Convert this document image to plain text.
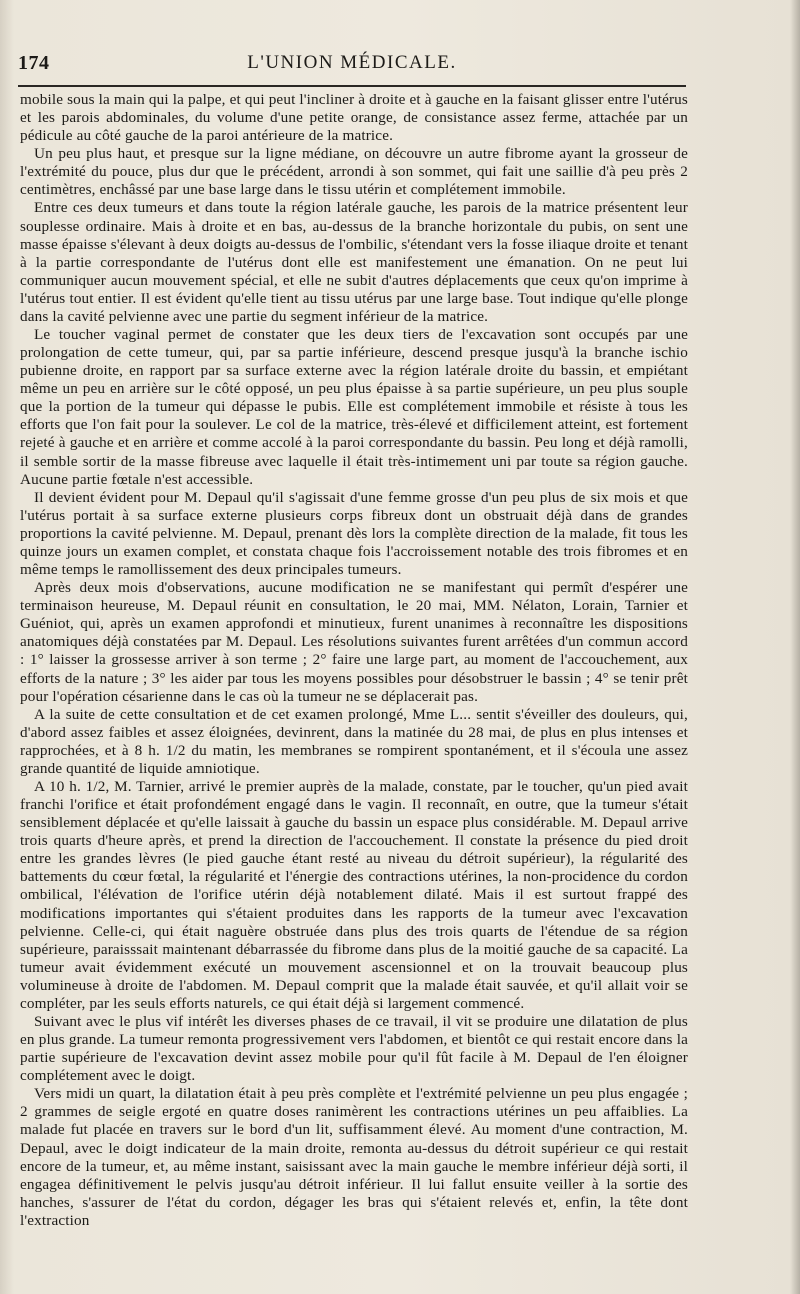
174	L'UNION MÉDICALE.

mobile sous la main qui la palpe, et qui peut l'incliner à droite et à gauche en la faisant glisser entre l'utérus et les parois abdominales, du volume d'une petite orange, de consistance assez ferme, attachée par un pédicule au côté gauche de la paroi antérieure de la matrice.

Un peu plus haut, et presque sur la ligne médiane, on découvre un autre fibrome ayant la grosseur de l'extrémité du pouce, plus dur que le précédent, arrondi à son sommet, qui fait une saillie d'à peu près 2 centimètres, enchâssé par une base large dans le tissu utérin et complétement immobile.

Entre ces deux tumeurs et dans toute la région latérale gauche, les parois de la matrice présentent leur souplesse ordinaire. Mais à droite et en bas, au-dessus de la branche horizontale du pubis, on sent une masse épaisse s'élevant à deux doigts au-dessus de l'ombilic, s'étendant vers la fosse iliaque droite et tenant à la partie correspondante de l'utérus dont elle est manifestement une émanation. On ne peut lui communiquer aucun mouvement spécial, et elle ne subit d'autres déplacements que ceux qu'on imprime à l'utérus tout entier. Il est évident qu'elle tient au tissu utérus par une large base. Tout indique qu'elle plonge dans la cavité pelvienne avec une partie du segment inférieur de la matrice.

Le toucher vaginal permet de constater que les deux tiers de l'excavation sont occupés par une prolongation de cette tumeur, qui, par sa partie inférieure, descend presque jusqu'à la branche ischio pubienne droite, en rapport par sa surface externe avec la région latérale droite du bassin, et empiétant même un peu en arrière sur le côté opposé, un peu plus épaisse à sa partie supérieure, un peu plus souple que la portion de la tumeur qui dépasse le pubis. Elle est complétement immobile et résiste à tous les efforts que l'on fait pour la soulever. Le col de la matrice, très-élevé et difficilement atteint, est fortement rejeté à gauche et en arrière et comme accolé à la paroi correspondante du bassin. Peu long et déjà ramolli, il semble sortir de la masse fibreuse avec laquelle il était très-intimement uni par toute sa région gauche. Aucune partie fœtale n'est accessible.

Il devient évident pour M. Depaul qu'il s'agissait d'une femme grosse d'un peu plus de six mois et que l'utérus portait à sa surface externe plusieurs corps fibreux dont un obstruait déjà dans de grandes proportions la cavité pelvienne. M. Depaul, prenant dès lors la complète direction de la malade, fit tous les quinze jours un examen complet, et constata chaque fois l'accroissement notable des trois fibromes et en même temps le ramollissement des deux principales tumeurs.

Après deux mois d'observations, aucune modification ne se manifestant qui permît d'espérer une terminaison heureuse, M. Depaul réunit en consultation, le 20 mai, MM. Nélaton, Lorain, Tarnier et Guéniot, qui, après un examen approfondi et minutieux, furent unanimes à reconnaître les dispositions anatomiques déjà constatées par M. Depaul. Les résolutions suivantes furent arrêtées d'un commun accord : 1° laisser la grossesse arriver à son terme ; 2° faire une large part, au moment de l'accouchement, aux efforts de la nature ; 3° les aider par tous les moyens possibles pour désobstruer le bassin ; 4° se tenir prêt pour l'opération césarienne dans le cas où la tumeur ne se déplacerait pas.

A la suite de cette consultation et de cet examen prolongé, Mme L... sentit s'éveiller des douleurs, qui, d'abord assez faibles et assez éloignées, devinrent, dans la matinée du 28 mai, de plus en plus intenses et rapprochées, et à 8 h. 1/2 du matin, les membranes se rompirent spontanément, et il s'écoula une assez grande quantité de liquide amniotique.

A 10 h. 1/2, M. Tarnier, arrivé le premier auprès de la malade, constate, par le toucher, qu'un pied avait franchi l'orifice et était profondément engagé dans le vagin. Il reconnaît, en outre, que la tumeur s'était sensiblement déplacée et qu'elle laissait à gauche du bassin un espace plus considérable. M. Depaul arrive trois quarts d'heure après, et prend la direction de l'accouchement. Il constate la présence du pied droit entre les grandes lèvres (le pied gauche étant resté au niveau du détroit supérieur), la régularité des battements du cœur fœtal, la régularité et l'énergie des contractions utérines, la non-procidence du cordon ombilical, l'élévation de l'orifice utérin déjà notablement dilaté. Mais il est surtout frappé des modifications importantes qui s'étaient produites dans les rapports de la tumeur avec l'excavation pelvienne. Celle-ci, qui était naguère obstruée dans plus des trois quarts de l'étendue de sa région supérieure, paraisssait maintenant débarrassée du fibrome dans plus de la moitié gauche de sa capacité. La tumeur avait évidemment exécuté un mouvement ascensionnel et on la trouvait beaucoup plus volumineuse à droite de l'abdomen. M. Depaul comprit que la malade était sauvée, et qu'il allait voir se compléter, par les seuls efforts naturels, ce qui était déjà si largement commencé.

Suivant avec le plus vif intérêt les diverses phases de ce travail, il vit se produire une dilatation de plus en plus grande. La tumeur remonta progressivement vers l'abdomen, et bientôt ce qui restait encore dans la partie supérieure de l'excavation devint assez mobile pour qu'il fût facile à M. Depaul de l'en éloigner complétement avec le doigt.

Vers midi un quart, la dilatation était à peu près complète et l'extrémité pelvienne un peu plus engagée ; 2 grammes de seigle ergoté en quatre doses ranimèrent les contractions utérines un peu affaiblies. La malade fut placée en travers sur le bord d'un lit, suffisamment élevé. Au moment d'une contraction, M. Depaul, avec le doigt indicateur de la main droite, remonta au-dessus du détroit supérieur ce qui restait encore de la tumeur, et, au même instant, saisissant avec la main gauche le membre inférieur déjà sorti, il engagea définitivement le pelvis jusqu'au détroit inférieur. Il lui fallut ensuite veiller à la sortie des hanches, s'assurer de l'état du cordon, dégager les bras qui s'étaient relevés et, enfin, la tête dont l'extraction
